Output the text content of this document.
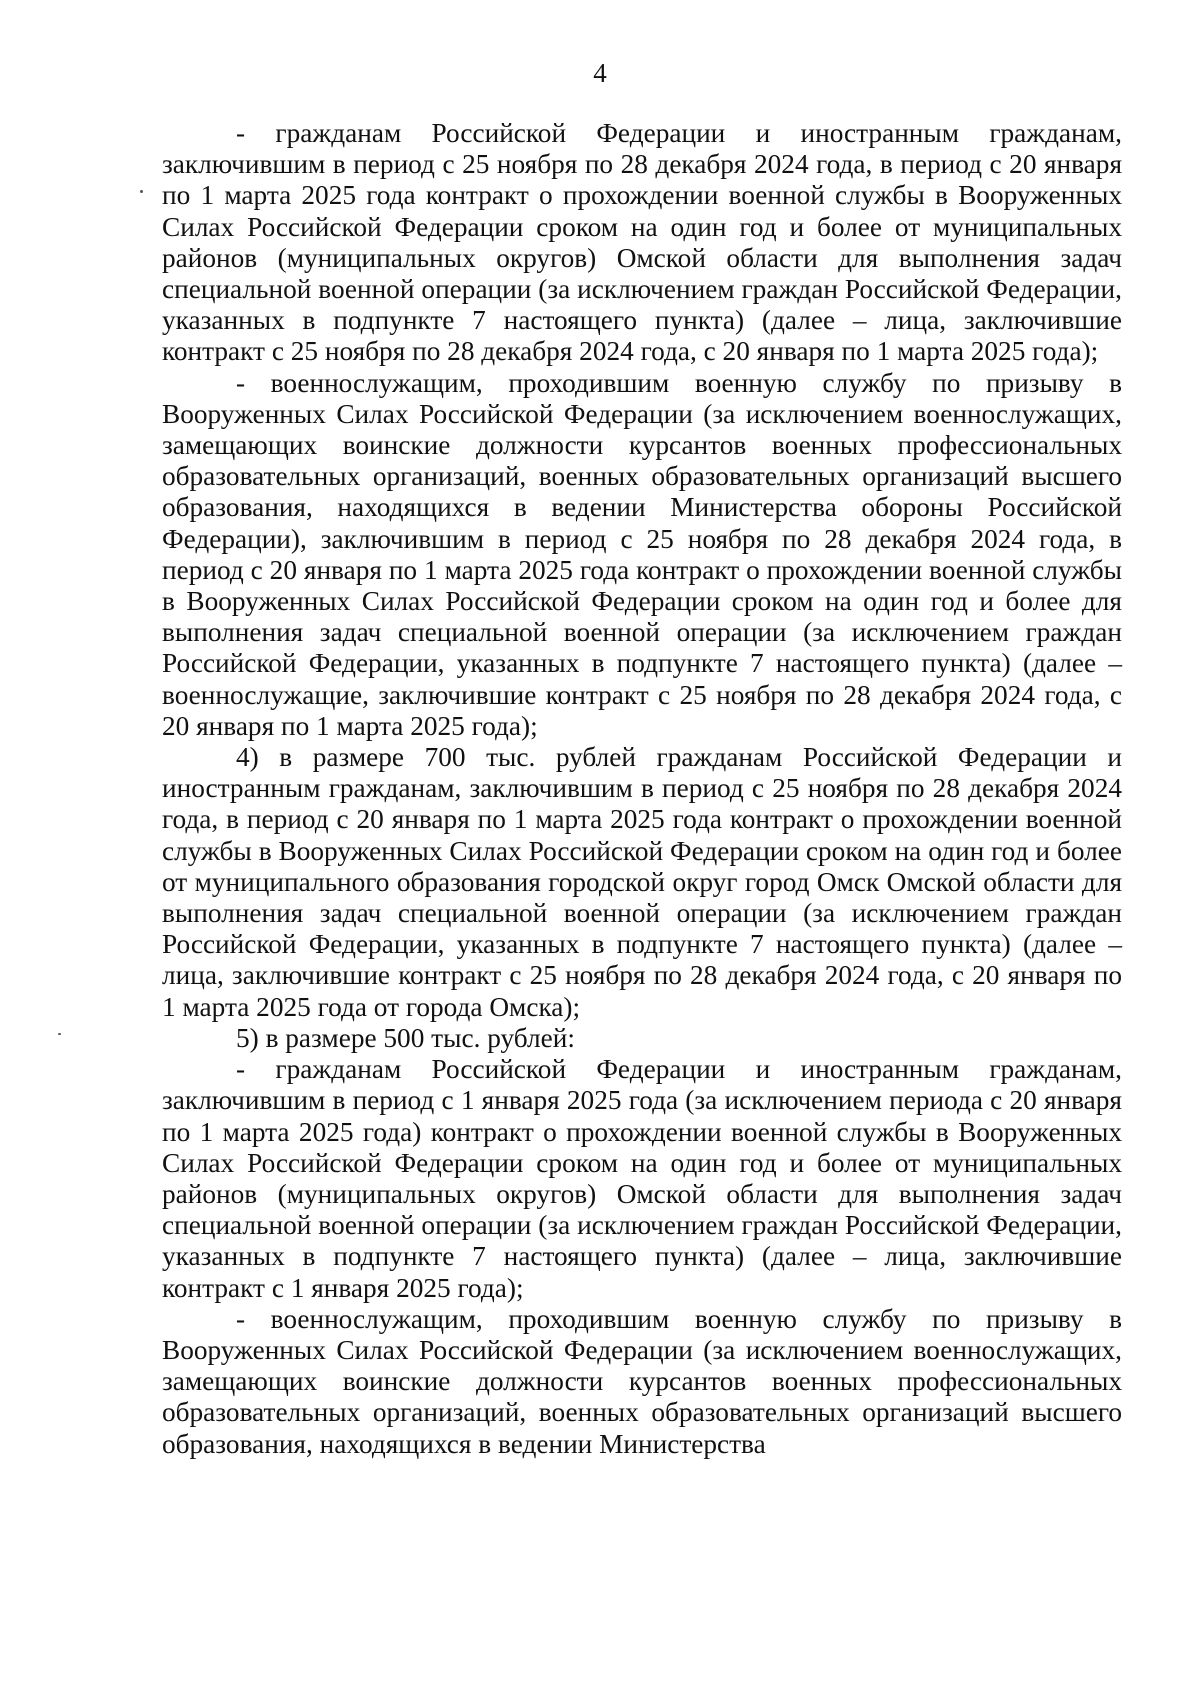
4

- гражданам Российской Федерации и иностранным гражданам, заключившим в период с 25 ноября по 28 декабря 2024 года, в период с 20 января по 1 марта 2025 года контракт о прохождении военной службы в Вооруженных Силах Российской Федерации сроком на один год и более от муниципальных районов (муниципальных округов) Омской области для выполнения задач специальной военной операции (за исключением граждан Российской Федерации, указанных в подпункте 7 настоящего пункта) (далее – лица, заключившие контракт с 25 ноября по 28 декабря 2024 года, с 20 января по 1 марта 2025 года);

- военнослужащим, проходившим военную службу по призыву в Вооруженных Силах Российской Федерации (за исключением военнослужащих, замещающих воинские должности курсантов военных профессиональных образовательных организаций, военных образовательных организаций высшего образования, находящихся в ведении Министерства обороны Российской Федерации), заключившим в период с 25 ноября по 28 декабря 2024 года, в период с 20 января по 1 марта 2025 года контракт о прохождении военной службы в Вооруженных Силах Российской Федерации сроком на один год и более для выполнения задач специальной военной операции (за исключением граждан Российской Федерации, указанных в подпункте 7 настоящего пункта) (далее – военнослужащие, заключившие контракт с 25 ноября по 28 декабря 2024 года, с 20 января по 1 марта 2025 года);

4) в размере 700 тыс. рублей гражданам Российской Федерации и иностранным гражданам, заключившим в период с 25 ноября по 28 декабря 2024 года, в период с 20 января по 1 марта 2025 года контракт о прохождении военной службы в Вооруженных Силах Российской Федерации сроком на один год и более от муниципального образования городской округ город Омск Омской области для выполнения задач специальной военной операции (за исключением граждан Российской Федерации, указанных в подпункте 7 настоящего пункта) (далее – лица, заключившие контракт с 25 ноября по 28 декабря 2024 года, с 20 января по 1 марта 2025 года от города Омска);

5) в размере 500 тыс. рублей:

- гражданам Российской Федерации и иностранным гражданам, заключившим в период с 1 января 2025 года (за исключением периода с 20 января по 1 марта 2025 года) контракт о прохождении военной службы в Вооруженных Силах Российской Федерации сроком на один год и более от муниципальных районов (муниципальных округов) Омской области для выполнения задач специальной военной операции (за исключением граждан Российской Федерации, указанных в подпункте 7 настоящего пункта) (далее – лица, заключившие контракт с 1 января 2025 года);

- военнослужащим, проходившим военную службу по призыву в Вооруженных Силах Российской Федерации (за исключением военнослужащих, замещающих воинские должности курсантов военных профессиональных образовательных организаций, военных образовательных организаций высшего образования, находящихся в ведении Министерства
